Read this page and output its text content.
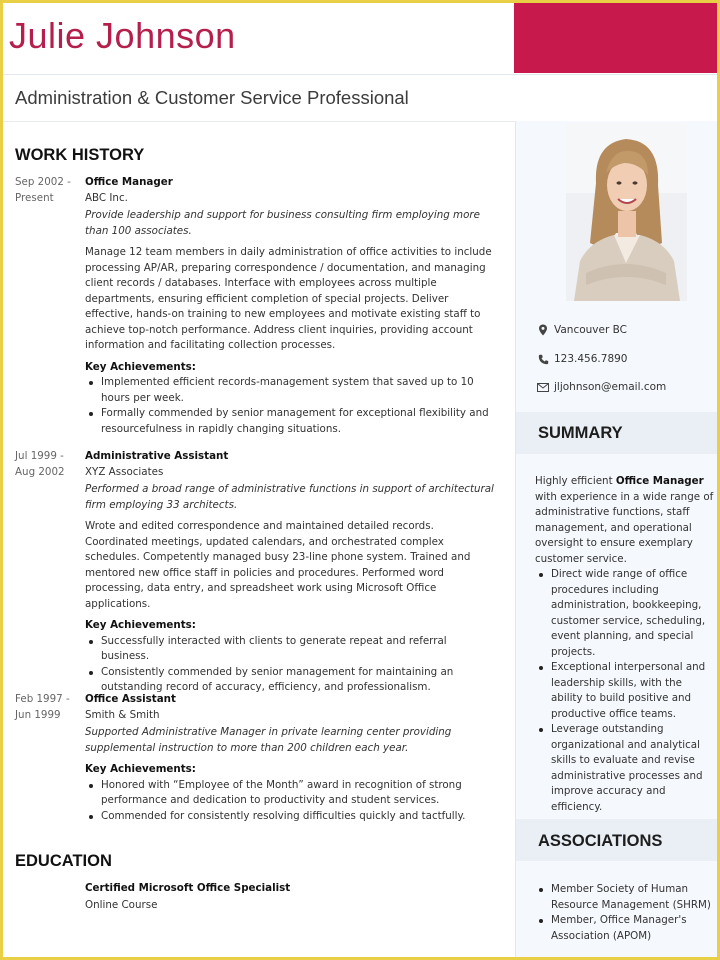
Julie Johnson
Administration & Customer Service Professional
Vancouver BC
123.456.7890
jljohnson@email.com
SUMMARY

Highly efficient Office Manager with experience in a wide range of administrative functions, staff management, and operational oversight to ensure exemplary customer service.

Direct wide range of office procedures including administration, bookkeeping, customer service, scheduling, event planning, and special projects.
Exceptional interpersonal and leadership skills, with the ability to build positive and productive office teams.
Leverage outstanding organizational and analytical skills to evaluate and revise administrative processes and improve accuracy and efficiency.
ASSOCIATIONS
Member Society of Human Resource Management (SHRM)
Member, Office Manager's Association (APOM)
WORK HISTORY
Sep 2002 - Present
Office Manager
ABC Inc.
Provide leadership and support for business consulting firm employing more than 100 associates.
Manage 12 team members in daily administration of office activities to include processing AP/AR, preparing correspondence / documentation, and managing client records / databases. Interface with employees across multiple departments, ensuring efficient completion of special projects. Deliver effective, hands-on training to new employees and motivate existing staff to achieve top-notch performance. Address client inquiries, providing account information and facilitating collection processes.
Key Achievements:
Implemented efficient records-management system that saved up to 10 hours per week.
Formally commended by senior management for exceptional flexibility and resourcefulness in rapidly changing situations.
Jul 1999 - Aug 2002
Administrative Assistant
XYZ Associates
Performed a broad range of administrative functions in support of architectural firm employing 33 architects.
Wrote and edited correspondence and maintained detailed records. Coordinated meetings, updated calendars, and orchestrated complex schedules. Competently managed busy 23-line phone system. Trained and mentored new office staff in policies and procedures. Performed word processing, data entry, and spreadsheet work using Microsoft Office applications.
Key Achievements:
Successfully interacted with clients to generate repeat and referral business.
Consistently commended by senior management for maintaining an outstanding record of accuracy, efficiency, and professionalism.
Feb 1997 - Jun 1999
Office Assistant
Smith & Smith
Supported Administrative Manager in private learning center providing supplemental instruction to more than 200 children each year.
Key Achievements:
Honored with “Employee of the Month” award in recognition of strong performance and dedication to productivity and student services.
Commended for consistently resolving difficulties quickly and tactfully.
EDUCATION
Certified Microsoft Office Specialist
Online Course
